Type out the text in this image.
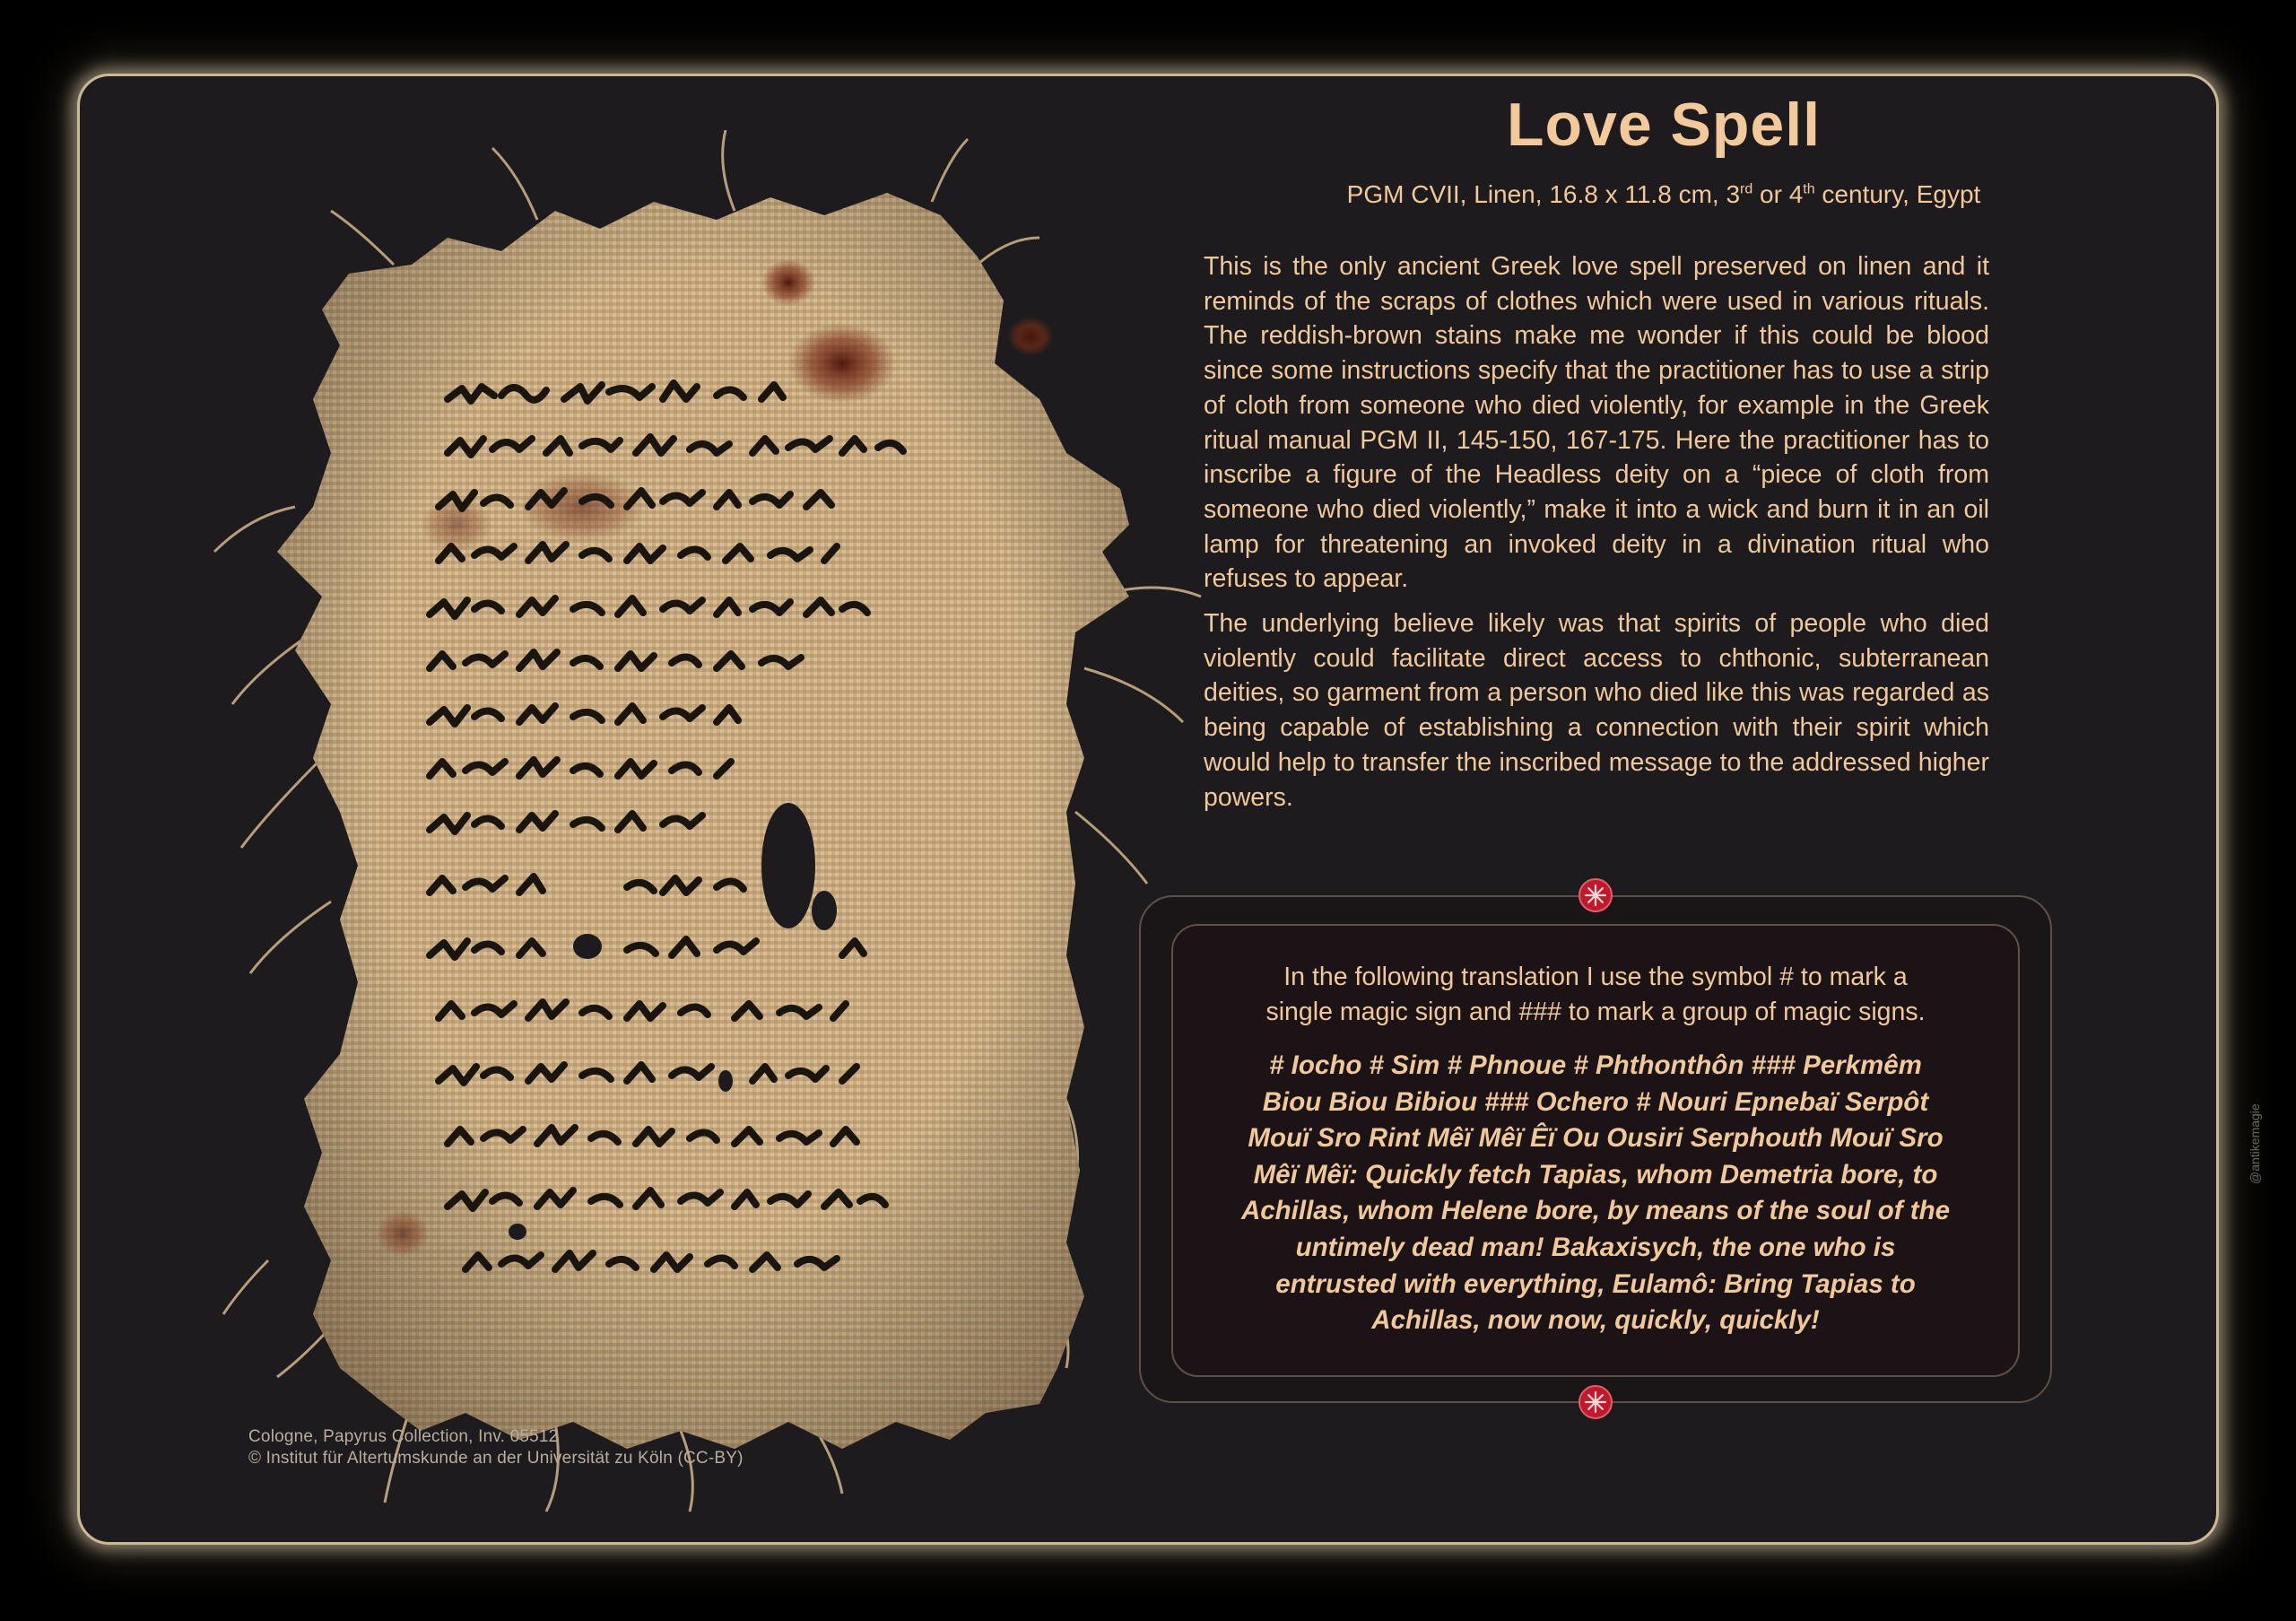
Cologne, Papyrus Collection, Inv. 05512
© Institut für Altertumskunde an der Universität zu Köln (CC-BY)
Love Spell
PGM CVII, Linen, 16.8 x 11.8 cm, 3rd or 4th century, Egypt

This is the only ancient Greek love spell preserved on linen and it reminds of the scraps of clothes which were used in various rituals. The reddish-brown stains make me wonder if this could be blood since some instructions specify that the practitioner has to use a strip of cloth from someone who died violently, for example in the Greek ritual manual PGM II, 145-150, 167-175. Here the practitioner has to inscribe a figure of the Headless deity on a “piece of cloth from someone who died violently,” make it into a wick and burn it in an oil lamp for threatening an invoked deity in a divination ritual who refuses to appear.

The underlying believe likely was that spirits of people who died violently could facilitate direct access to chthonic, subterranean deities, so garment from a person who died like this was regarded as being capable of establishing a connection with their spirit which would help to transfer the inscribed message to the addressed higher powers.

In the following translation I use the symbol # to mark a
single magic sign and ### to mark a group of magic signs.
# Iocho # Sim # Phnoue # Phthonthôn ### Perkmêm
Biou Biou Bibiou ### Ochero # Nouri Epnebaï Serpôt
Mouï Sro Rint Mêï Mêï Êï Ou Ousiri Serphouth Mouï Sro
Mêï Mêï: Quickly fetch Tapias, whom Demetria bore, to
Achillas, whom Helene bore, by means of the soul of the
untimely dead man! Bakaxisych, the one who is
entrusted with everything, Eulamô: Bring Tapias to
Achillas, now now, quickly, quickly!
@antikemagie
